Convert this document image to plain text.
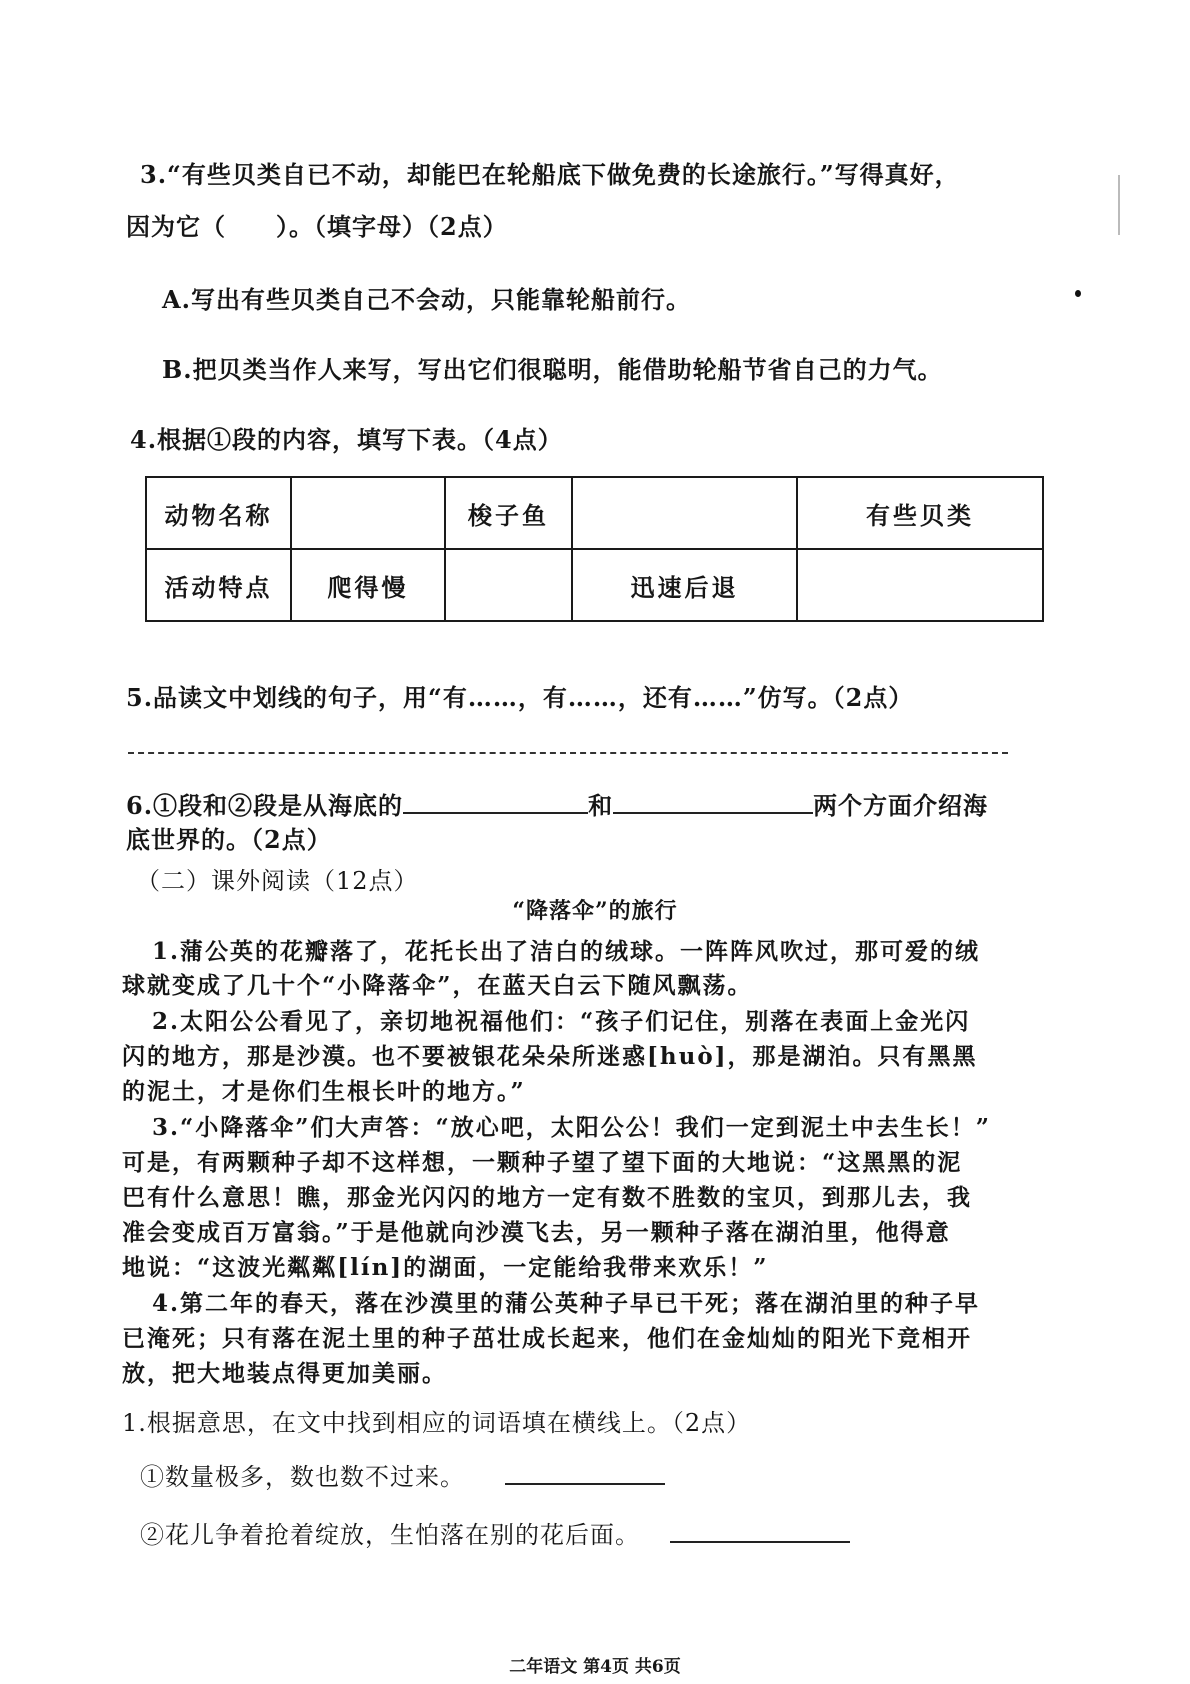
3.“有些贝类自已不动，却能巴在轮船底下做免费的长途旅行。”写得真好，
因为它（　　）。（填字母）（2点）
A.写出有些贝类自己不会动，只能靠轮船前行。
B.把贝类当作人来写，写出它们很聪明，能借助轮船节省自己的力气。
4.根据①段的内容，填写下表。（4点）
动物名称		梭子鱼		有些贝类
活动特点	爬得慢		迅速后退	
5.品读文中划线的句子，用“有……，有……，还有……”仿写。（2点）
6.①段和②段是从海底的	和	两个方面介绍海
底世界的。（2点）
（二）课外阅读（12点）
“降落伞”的旅行
1.蒲公英的花瓣落了，花托长出了洁白的绒球。一阵阵风吹过，那可爱的绒
球就变成了几十个“小降落伞”，在蓝天白云下随风飘荡。
2.太阳公公看见了，亲切地祝福他们：“孩子们记住，别落在表面上金光闪
闪的地方，那是沙漠。也不要被银花朵朵所迷惑[huò]，那是湖泊。只有黑黑
的泥土，才是你们生根长叶的地方。”
3.“小降落伞”们大声答：“放心吧，太阳公公！我们一定到泥土中去生长！”
可是，有两颗种子却不这样想，一颗种子望了望下面的大地说：“这黑黑的泥
巴有什么意思！瞧，那金光闪闪的地方一定有数不胜数的宝贝，到那儿去，我
准会变成百万富翁。”于是他就向沙漠飞去，另一颗种子落在湖泊里，他得意
地说：“这波光粼粼[lín]的湖面，一定能给我带来欢乐！”
4.第二年的春天，落在沙漠里的蒲公英种子早已干死；落在湖泊里的种子早
已淹死；只有落在泥土里的种子茁壮成长起来，他们在金灿灿的阳光下竞相开
放，把大地装点得更加美丽。
1.根据意思，在文中找到相应的词语填在横线上。（2点）
①数量极多，数也数不过来。
②花儿争着抢着绽放，生怕落在别的花后面。
二年语文 第4页 共6页
